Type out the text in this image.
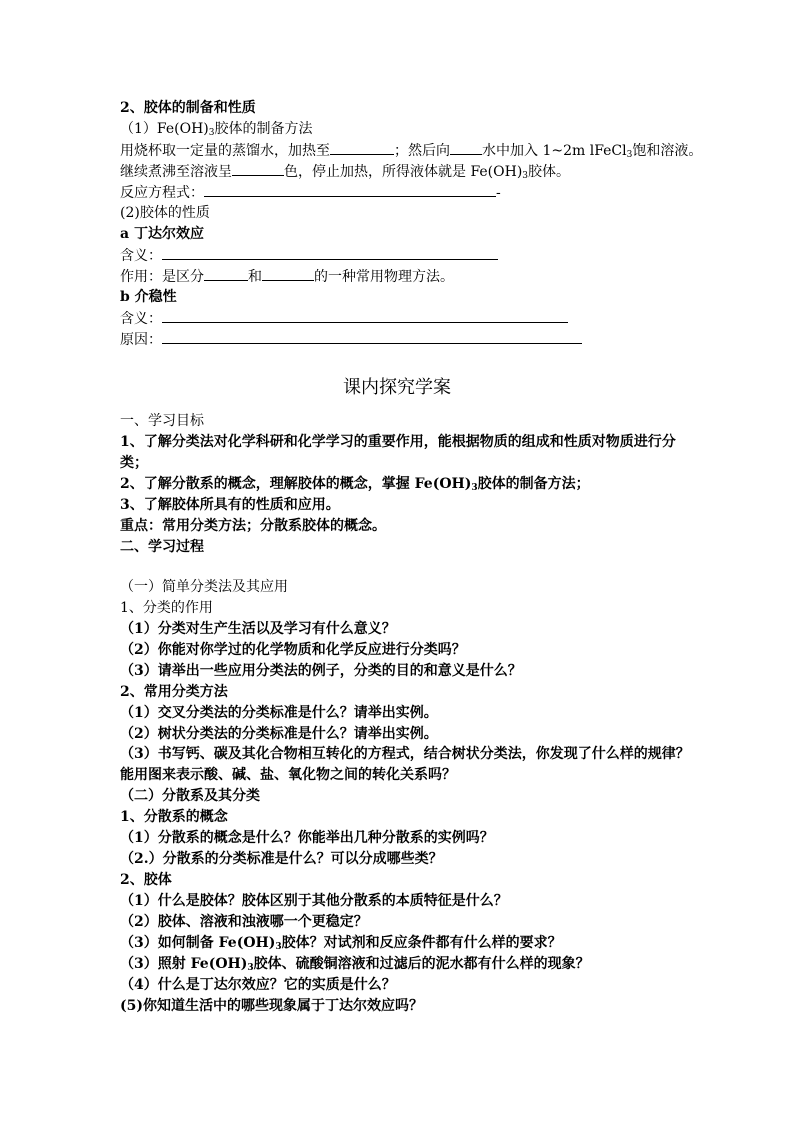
2、胶体的制备和性质
$(1)Fe(OH)_3$胶体的制备方法
用烧杯取一定量的蒸馏水，加热至	；然后向 水中加入 1~2m lFeCl$_3$饱和溶液。
继续煮沸至溶液呈	色，停止加热，所得液体就是 $Fe(OH)_3$胶体。
反应方程式：	-
(2)胶体的性质
a 丁达尔效应
含义：
作用：是区分	和	的一种常用物理方法。
b 介稳性
含义：
原因：
课内探究学案
一、学习目标
1、了解分类法对化学科研和化学学习的重要作用，能根据物质的组成和性质对物质进行分
类；
2、了解分散系的概念，理解胶体的概念，掌握 $Fe(OH)_3$胶体的制备方法；
3、了解胶体所具有的性质和应用。
重点：常用分类方法；分散系胶体的概念。
二、学习过程
（一）简单分类法及其应用
1、分类的作用
（1）分类对生产生活以及学习有什么意义？
（2）你能对你学过的化学物质和化学反应进行分类吗？
（3）请举出一些应用分类法的例子，分类的目的和意义是什么？
2、常用分类方法
（1）交叉分类法的分类标准是什么？请举出实例。
（2）树状分类法的分类标准是什么？请举出实例。
（3）书写钙、碳及其化合物相互转化的方程式，结合树状分类法，你发现了什么样的规律？
能用图来表示酸、碱、盐、氧化物之间的转化关系吗？
（二）分散系及其分类
1、分散系的概念
（1）分散系的概念是什么？你能举出几种分散系的实例吗？
（2.）分散系的分类标准是什么？可以分成哪些类？
2、胶体
（1）什么是胶体？胶体区别于其他分散系的本质特征是什么？
（2）胶体、溶液和浊液哪一个更稳定？
（3）如何制备 $Fe(OH)_3$胶体？对试剂和反应条件都有什么样的要求？
（3）照射 $Fe(OH)_3$胶体、硫酸铜溶液和过滤后的泥水都有什么样的现象？
（4）什么是丁达尔效应？它的实质是什么？
(5)你知道生活中的哪些现象属于丁达尔效应吗？
